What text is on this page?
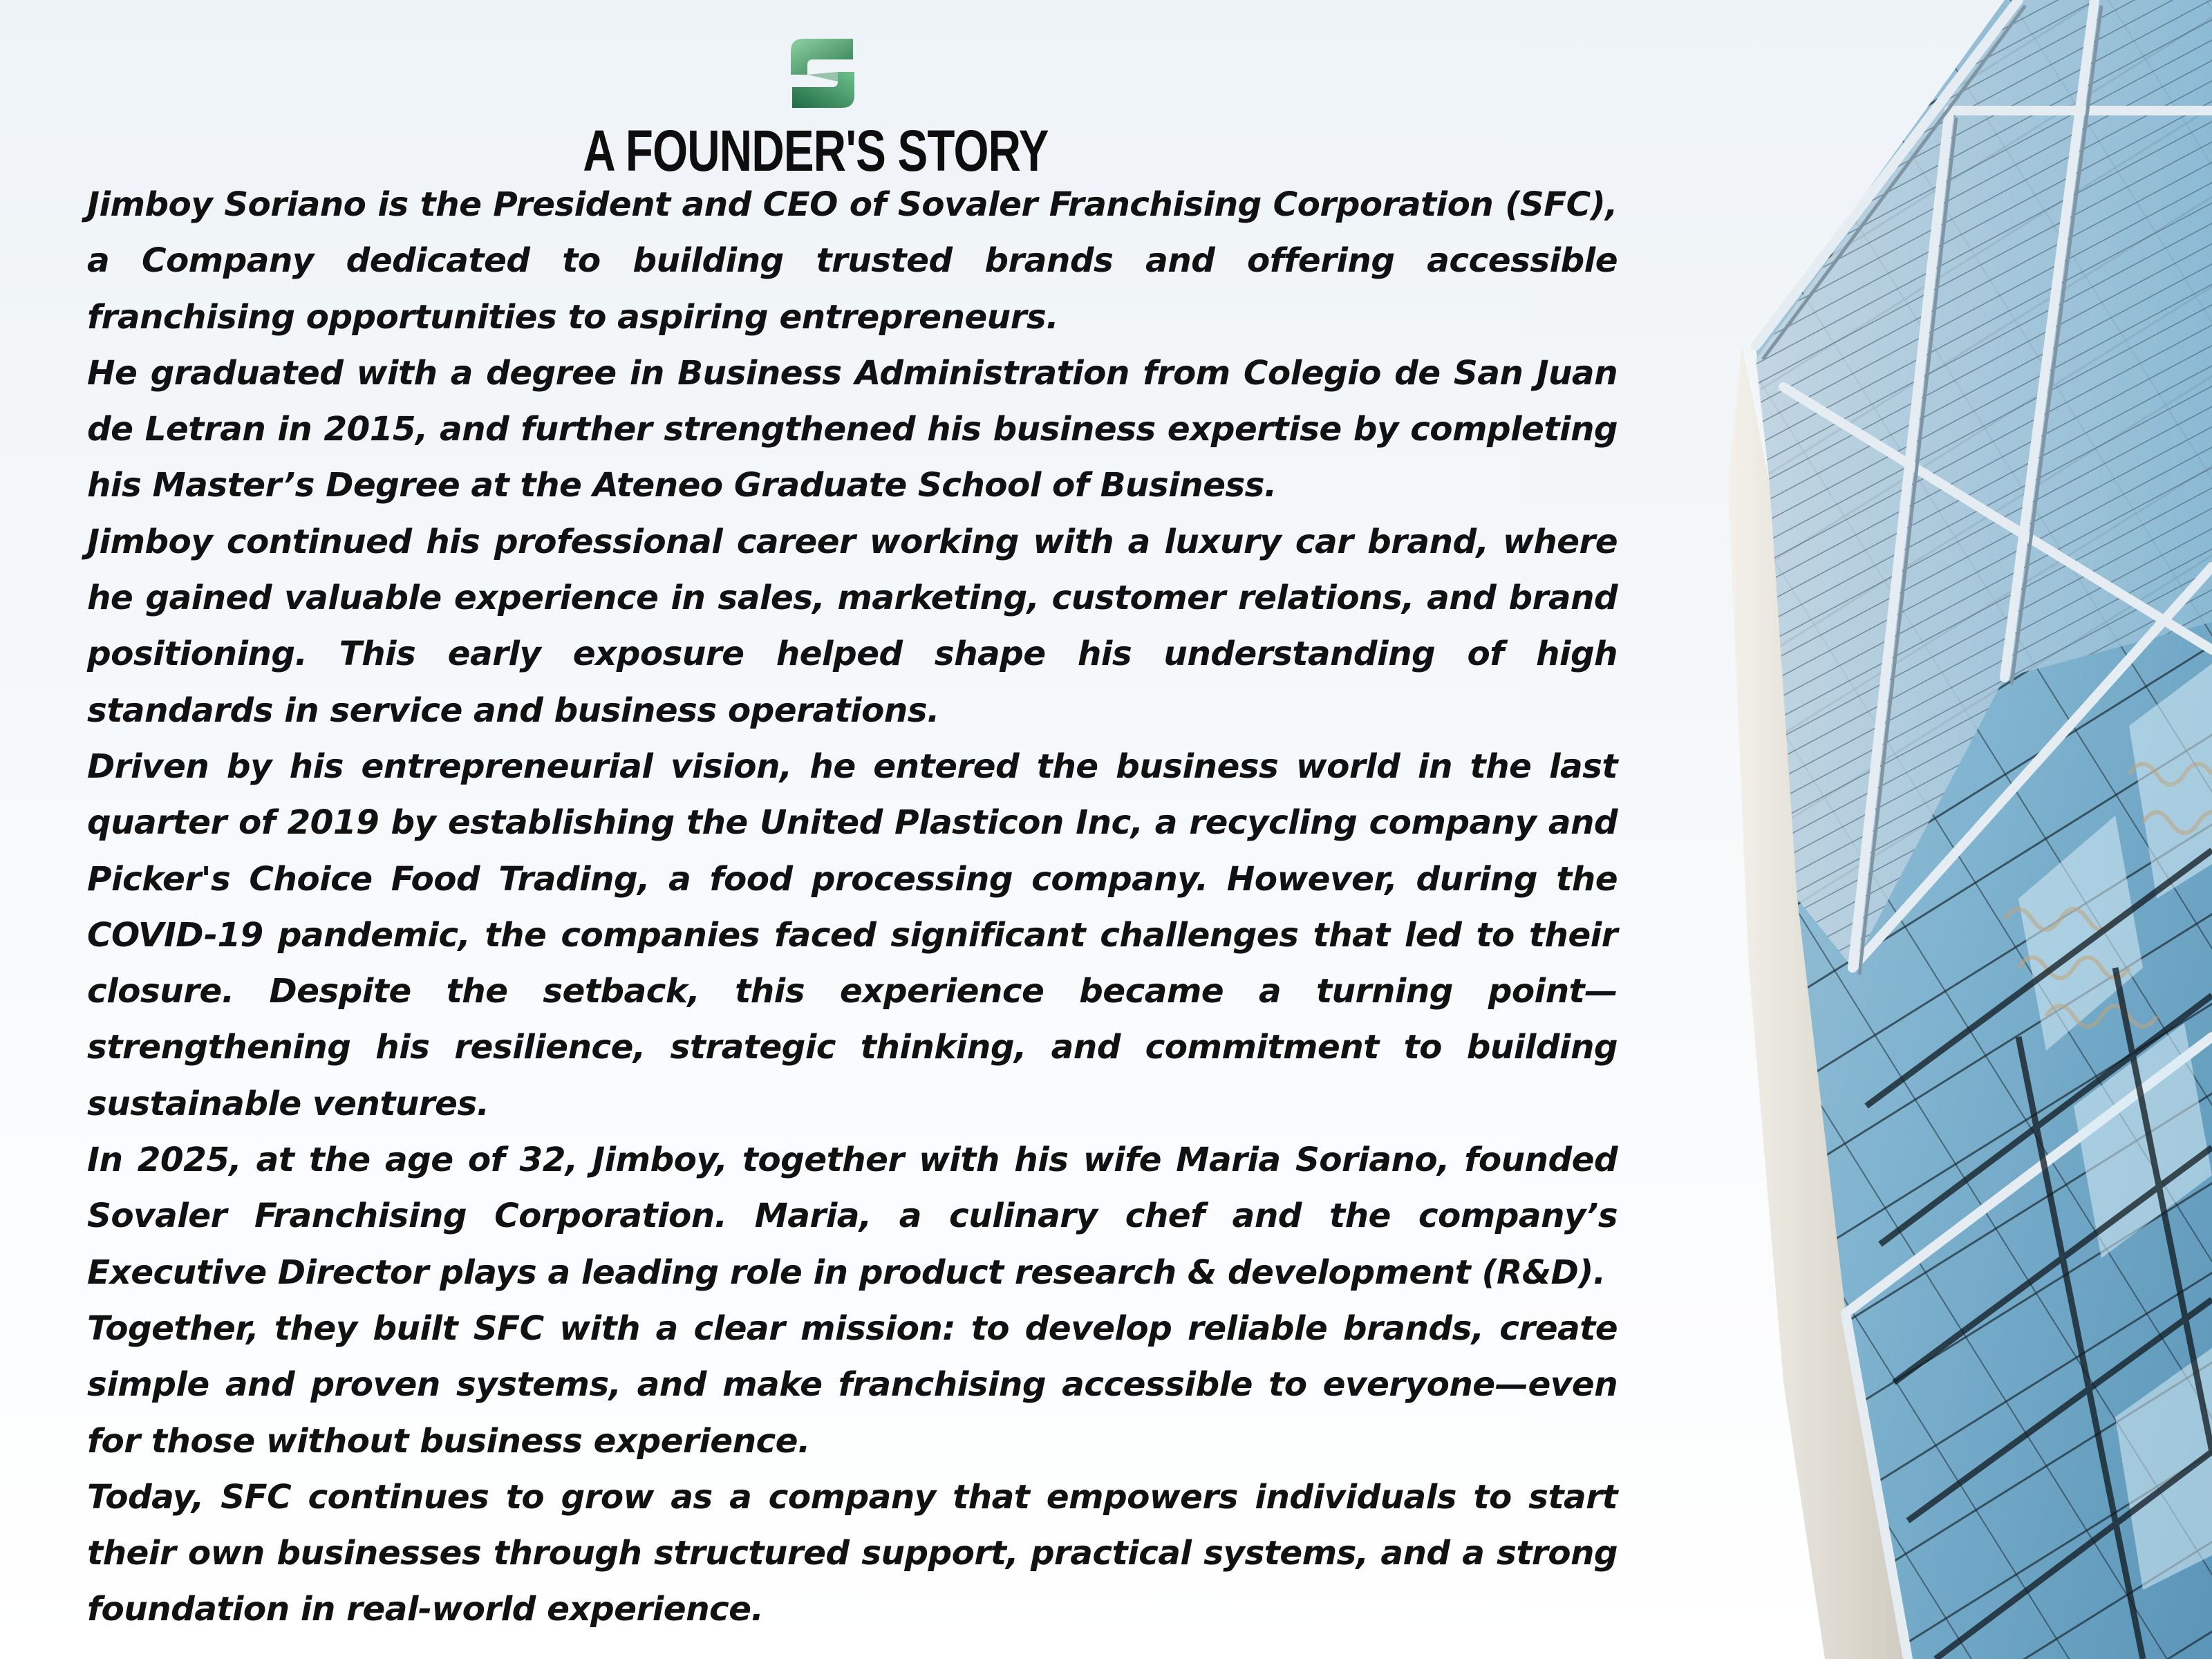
A FOUNDER'S STORY

Jimboy Soriano is the President and CEO of Sovaler Franchising Corporation (SFC), a Company dedicated to building trusted brands and offering accessible franchising opportunities to aspiring entrepreneurs.

He graduated with a degree in Business Administration from Colegio de San Juan de Letran in 2015, and further strengthened his business expertise by completing his Master’s Degree at the Ateneo Graduate School of Business.

Jimboy continued his professional career working with a luxury car brand, where he gained valuable experience in sales, marketing, customer relations, and brand positioning. This early exposure helped shape his understanding of high standards in service and business operations.

Driven by his entrepreneurial vision, he entered the business world in the last quarter of 2019 by establishing the United Plasticon Inc, a recycling company and Picker's Choice Food Trading, a food processing company. However, during the COVID-19 pandemic, the companies faced significant challenges that led to their closure. Despite the setback, this experience became a turning point—strengthening his resilience, strategic thinking, and commitment to building sustainable ventures.

In 2025, at the age of 32, Jimboy, together with his wife Maria Soriano, founded Sovaler Franchising Corporation. Maria, a culinary chef and the company’s Executive Director plays a leading role in product research & development (R&D).

Together, they built SFC with a clear mission: to develop reliable brands, create simple and proven systems, and make franchising accessible to everyone—even for those without business experience.

Today, SFC continues to grow as a company that empowers individuals to start their own businesses through structured support, practical systems, and a strong foundation in real-world experience.
